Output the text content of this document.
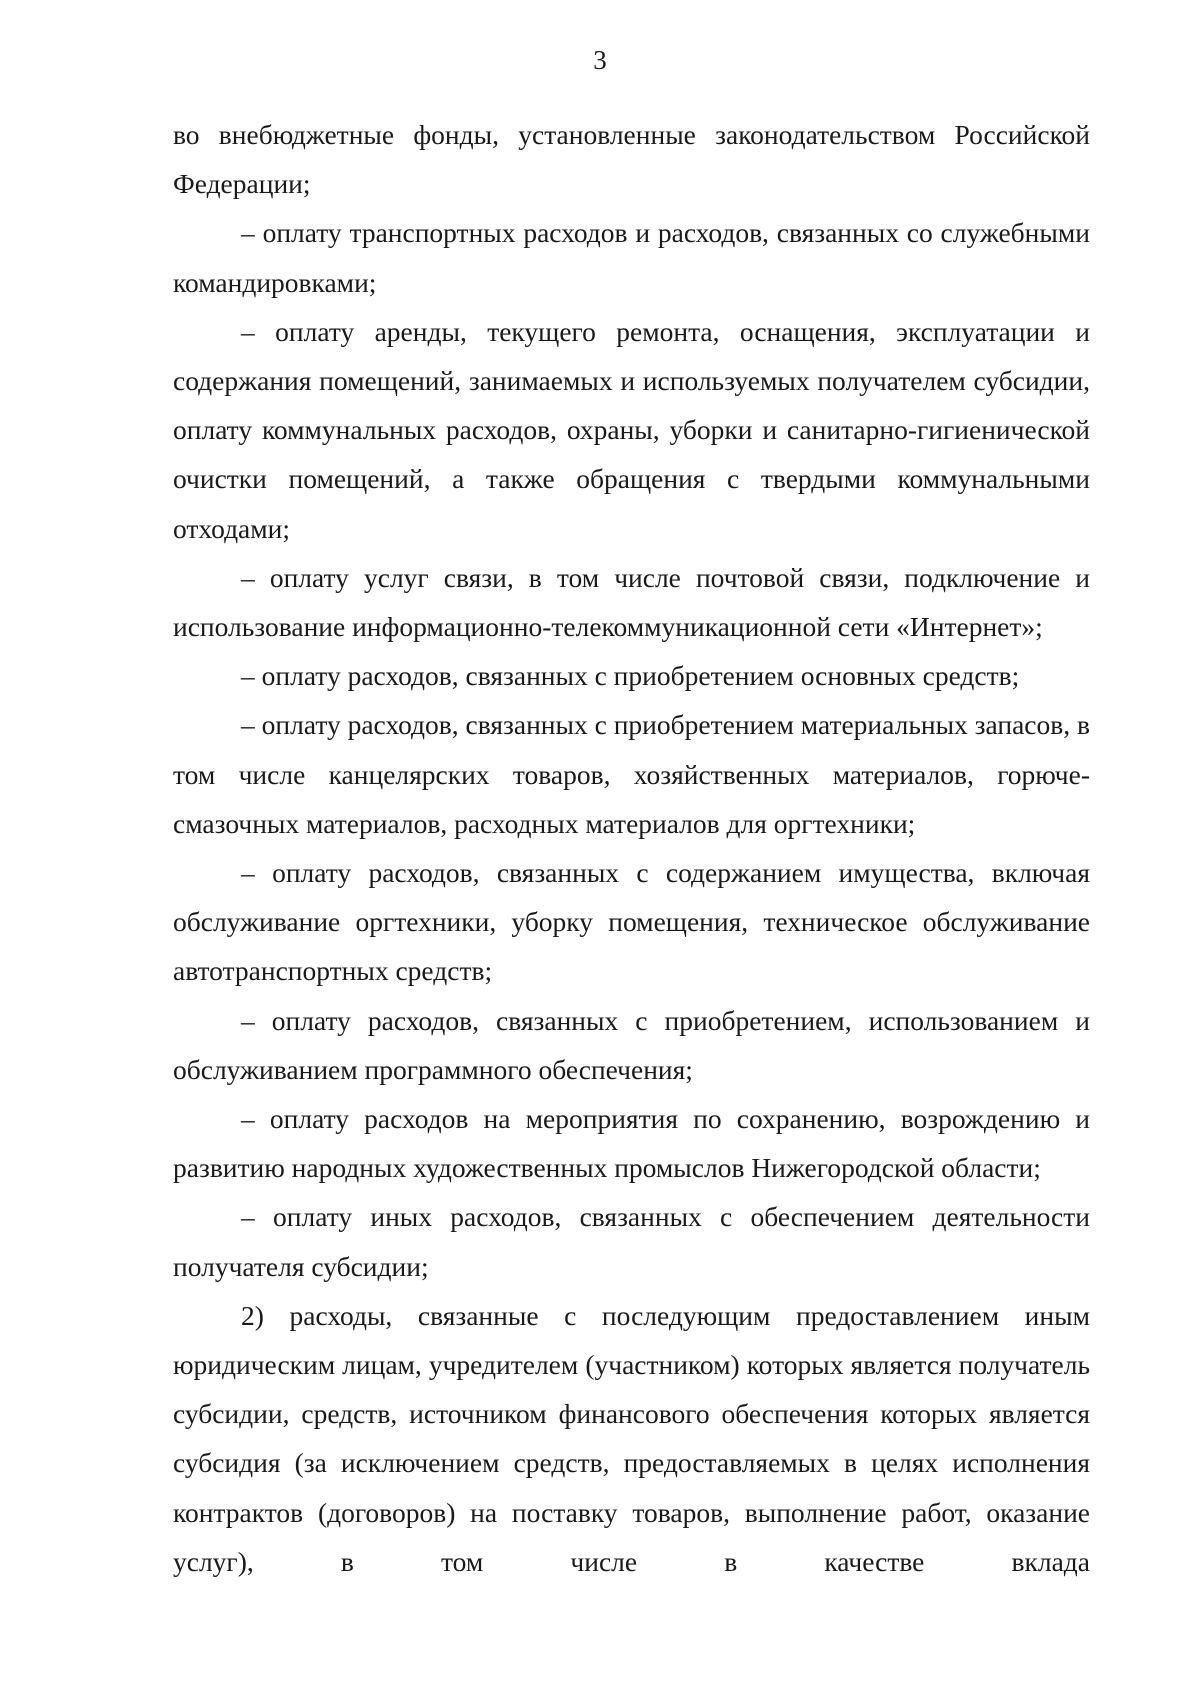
3

во внебюджетные фонды, установленные законодательством Российской Федерации;

– оплату транспортных расходов и расходов, связанных со служебными командировками;

– оплату аренды, текущего ремонта, оснащения, эксплуатации и содержания помещений, занимаемых и используемых получателем субсидии, оплату коммунальных расходов, охраны, уборки и санитарно-гигиенической очистки помещений, а также обращения с твердыми коммунальными отходами;

– оплату услуг связи, в том числе почтовой связи, подключение и использование информационно-телекоммуникационной сети «Интернет»;

– оплату расходов, связанных с приобретением основных средств;

– оплату расходов, связанных с приобретением материальных запасов, в том числе канцелярских товаров, хозяйственных материалов, горюче-смазочных материалов, расходных материалов для оргтехники;

– оплату расходов, связанных с содержанием имущества, включая обслуживание оргтехники, уборку помещения, техническое обслуживание автотранспортных средств;

– оплату расходов, связанных с приобретением, использованием и обслуживанием программного обеспечения;

– оплату расходов на мероприятия по сохранению, возрождению и развитию народных художественных промыслов Нижегородской области;

– оплату иных расходов, связанных с обеспечением деятельности получателя субсидии;

2) расходы, связанные с последующим предоставлением иным юридическим лицам, учредителем (участником) которых является получатель субсидии, средств, источником финансового обеспечения которых является субсидия (за исключением средств, предоставляемых в целях исполнения контрактов (договоров) на поставку товаров, выполнение работ, оказание услуг), в том числе в качестве вклада
